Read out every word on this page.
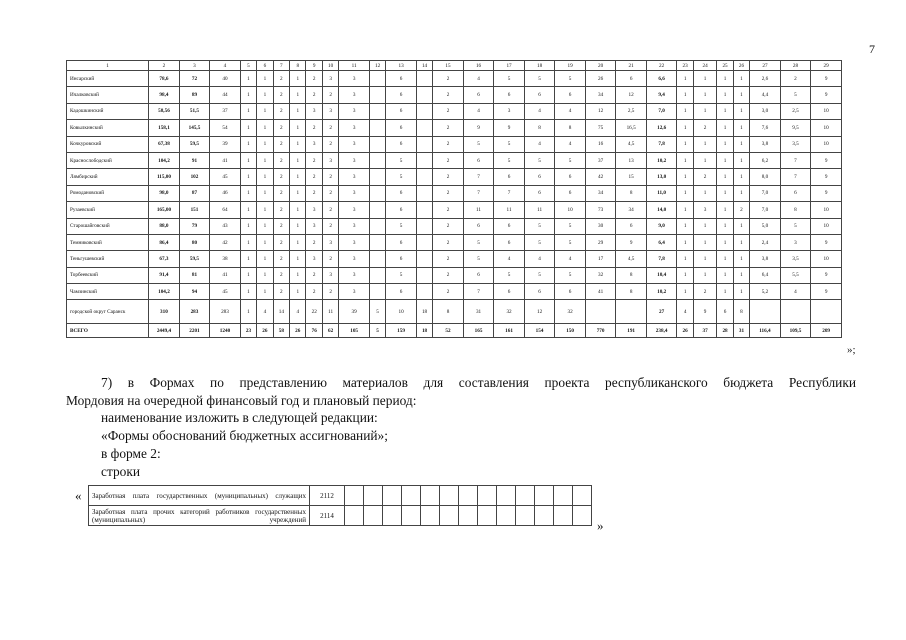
7
1	2	3	4	5	6	7	8	9	10	11	12	13	14	15	16	17	18	19	20	21	22	23	24	25	26	27	28	29
Инсарский	78,6	72	40	1	1	2	1	2	3	3		6		2	4	5	5	5	26	6	6,6	1	1	1	1	2,6	2	9
Ичалковский	98,4	89	44	1	1	2	1	2	2	3		6		2	6	6	6	6	34	12	9,4	1	1	1	1	4,4	5	9
Кадошкинский	58,56	51,5	37	1	1	2	1	3	3	3		6		2	4	3	4	4	12	2,5	7,0	1	1	1	1	3,0	2,5	10
Ковылкинский	158,1	145,5	54	1	1	2	1	2	2	3		6		2	9	9	8	8	75	16,5	12,6	1	2	1	1	7,6	9,5	10
Кочкуровский	67,38	59,5	39	1	1	2	1	3	2	3		6		2	5	5	4	4	16	4,5	7,8	1	1	1	1	3,8	3,5	10
Краснослободский	104,2	91	41	1	1	2	1	2	3	3		5		2	6	5	5	5	37	13	10,2	1	1	1	1	6,2	7	9
Лямбирский	115,00	102	45	1	1	2	1	2	2	3		5		2	7	6	6	6	42	15	13,0	1	2	1	1	8,0	7	9
Ромодановский	98,0	87	46	1	1	2	1	2	2	3		6		2	7	7	6	6	34	8	11,0	1	1	1	1	7,0	6	9
Рузаевский	165,00	151	64	1	1	2	1	3	2	3		6		2	11	11	11	10	73	34	14,0	1	3	1	2	7,0	8	10
Старошайговский	88,0	79	43	1	1	2	1	3	2	3		5		2	6	6	5	5	30	6	9,0	1	1	1	1	5,0	5	10
Темниковский	86,4	80	42	1	1	2	1	2	3	3		6		2	5	6	5	5	29	9	6,4	1	1	1	1	2,4	3	9
Теньгушевский	67,3	59,5	38	1	1	2	1	3	2	3		6		2	5	4	4	4	17	4,5	7,8	1	1	1	1	3,8	3,5	10
Торбеевский	91,4	81	41	1	1	2	1	2	3	3		5		2	6	5	5	5	32	8	10,4	1	1	1	1	6,4	5,5	9
Чамзинский	104,2	94	45	1	1	2	1	2	2	3		6		2	7	6	6	6	41	8	10,2	1	2	1	1	5,2	4	9
городской округ Саранск	310	283	283	1	4	14	4	22	11	39	5	10	18	8	31	32	12	32			27	4	9	6	8			
ВСЕГО	2449,4	2201	1240	23	26	58	26	76	62	105	5	159	18	52	165	161	154	150	770	191	238,4	26	37	28	31	116,4	109,5	209
»;
7) в Формах по представлению материалов для составления проекта республиканского бюджета Республики
Мордовия на очередной финансовый год и плановый период:
наименование изложить в следующей редакции:
«Формы обоснований бюджетных ассигнований»;
в форме 2:
строки
« Заработная плата государственных (муниципальных) служащих	2112													
Заработная плата прочих категорий работников государственных (муниципальных) учреждений	2114													
»
